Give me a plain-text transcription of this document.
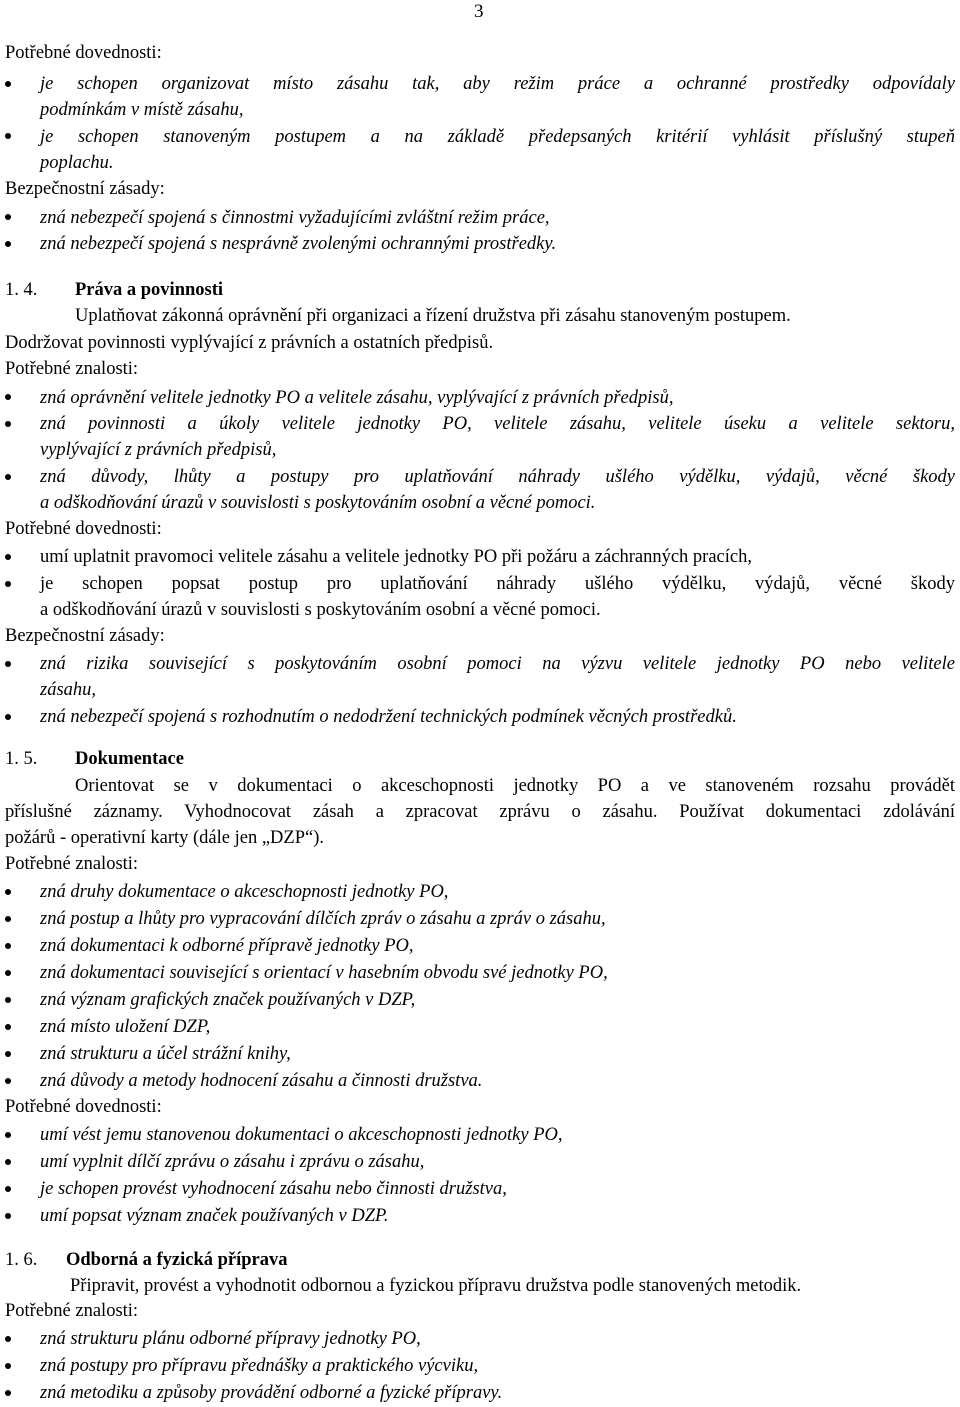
3
Potřebné dovednosti:
je schopen organizovat místo zásahu tak, aby režim práce a ochranné prostředky odpovídaly
podmínkám v místě zásahu,
je schopen stanoveným postupem a na základě předepsaných kritérií vyhlásit příslušný stupeň
poplachu.
Bezpečnostní zásady:
zná nebezpečí spojená s činnostmi vyžadujícími zvláštní režim práce,
zná nebezpečí spojená s nesprávně zvolenými ochrannými prostředky.
1. 4. Práva a povinnosti
Uplatňovat zákonná oprávnění při organizaci a řízení družstva při zásahu stanoveným postupem.
Dodržovat povinnosti vyplývající z právních a ostatních předpisů.
Potřebné znalosti:
zná oprávnění velitele jednotky PO a velitele zásahu, vyplývající z právních předpisů,
zná povinnosti a úkoly velitele jednotky PO, velitele zásahu, velitele úseku a velitele sektoru,
vyplývající z právních předpisů,
zná důvody, lhůty a postupy pro uplatňování náhrady ušlého výdělku, výdajů, věcné škody
a odškodňování úrazů v souvislosti s poskytováním osobní a věcné pomoci.
Potřebné dovednosti:
umí uplatnit pravomoci velitele zásahu a velitele jednotky PO při požáru a záchranných pracích,
je schopen popsat postup pro uplatňování náhrady ušlého výdělku, výdajů, věcné škody
a odškodňování úrazů v souvislosti s poskytováním osobní a věcné pomoci.
Bezpečnostní zásady:
zná rizika související s poskytováním osobní pomoci na výzvu velitele jednotky PO nebo velitele
zásahu,
zná nebezpečí spojená s rozhodnutím o nedodržení technických podmínek věcných prostředků.
1. 5. Dokumentace
Orientovat se v dokumentaci o akceschopnosti jednotky PO a ve stanoveném rozsahu provádět
příslušné záznamy. Vyhodnocovat zásah a zpracovat zprávu o zásahu. Používat dokumentaci zdolávání
požárů - operativní karty (dále jen „DZP“).
Potřebné znalosti:
zná druhy dokumentace o akceschopnosti jednotky PO,
zná postup a lhůty pro vypracování dílčích zpráv o zásahu a zpráv o zásahu,
zná dokumentaci k odborné přípravě jednotky PO,
zná dokumentaci související s orientací v hasebním obvodu své jednotky PO,
zná význam grafických značek používaných v DZP,
zná místo uložení DZP,
zná strukturu a účel strážní knihy,
zná důvody a metody hodnocení zásahu a činnosti družstva.
Potřebné dovednosti:
umí vést jemu stanovenou dokumentaci o akceschopnosti jednotky PO,
umí vyplnit dílčí zprávu o zásahu i zprávu o zásahu,
je schopen provést vyhodnocení zásahu nebo činnosti družstva,
umí popsat význam značek používaných v DZP.
1. 6. Odborná a fyzická příprava
Připravit, provést a vyhodnotit odbornou a fyzickou přípravu družstva podle stanovených metodik.
Potřebné znalosti:
zná strukturu plánu odborné přípravy jednotky PO,
zná postupy pro přípravu přednášky a praktického výcviku,
zná metodiku a způsoby provádění odborné a fyzické přípravy.
